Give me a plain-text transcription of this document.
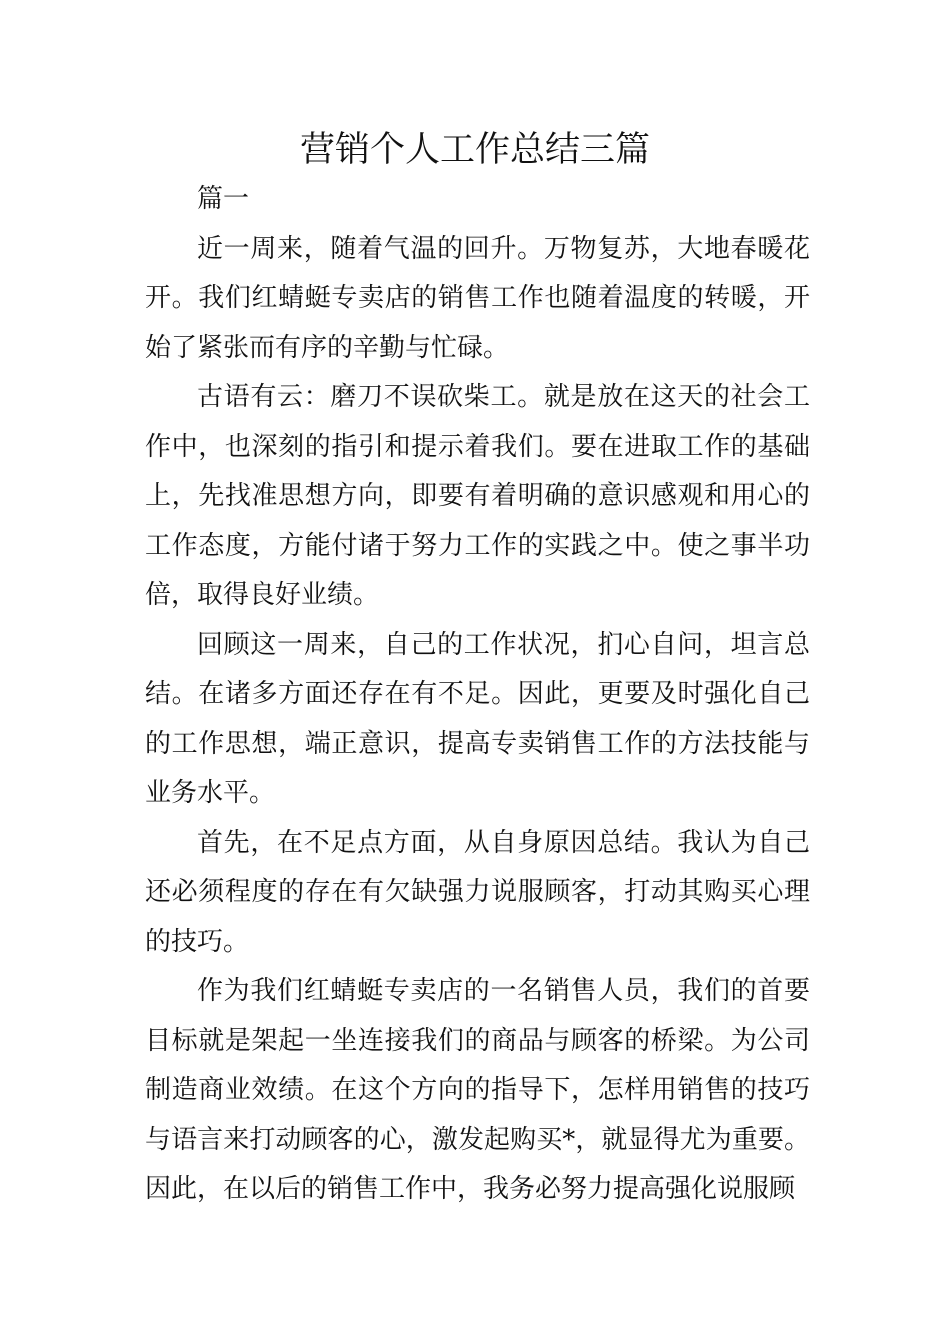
营销个人工作总结三篇

篇一

近一周来，随着气温的回升。万物复苏，大地春暖花开。我们红蜻蜓专卖店的销售工作也随着温度的转暖，开始了紧张而有序的辛勤与忙碌。

古语有云：磨刀不误砍柴工。就是放在这天的社会工作中，也深刻的指引和提示着我们。要在进取工作的基础上，先找准思想方向，即要有着明确的意识感观和用心的工作态度，方能付诸于努力工作的实践之中。使之事半功倍，取得良好业绩。

回顾这一周来，自己的工作状况，扪心自问，坦言总结。在诸多方面还存在有不足。因此，更要及时强化自己的工作思想，端正意识，提高专卖销售工作的方法技能与业务水平。

首先，在不足点方面，从自身原因总结。我认为自己还必须程度的存在有欠缺强力说服顾客，打动其购买心理的技巧。

作为我们红蜻蜓专卖店的一名销售人员，我们的首要目标就是架起一坐连接我们的商品与顾客的桥梁。为公司制造商业效绩。在这个方向的指导下，怎样用销售的技巧与语言来打动顾客的心，激发起购买*，就显得尤为重要。因此，在以后的销售工作中，我务必努力提高强化说服顾
